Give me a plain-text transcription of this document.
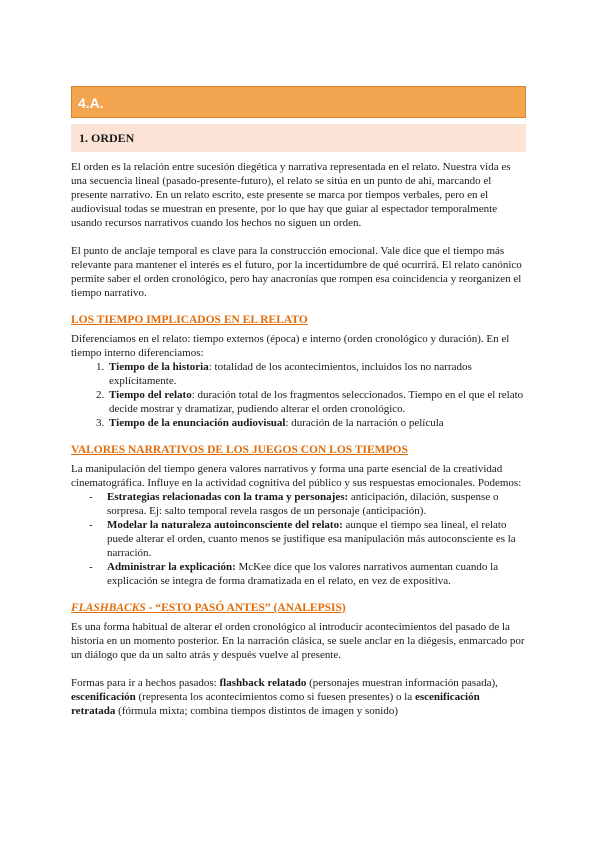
4.A.
1. ORDEN

El orden es la relación entre sucesión diegética y narrativa representada en el relato. Nuestra vida es una secuencia lineal (pasado-presente-futuro), el relato se sitúa en un punto de ahí, marcando el presente narrativo. En un relato escrito, este presente se marca por tiempos verbales, pero en el audiovisual todas se muestran en presente, por lo que hay que guiar al espectador temporalmente usando recursos narrativos cuando los hechos no siguen un orden.

El punto de anclaje temporal es clave para la construcción emocional. Vale dice que el tiempo más relevante para mantener el interés es el futuro, por la incertidumbre de qué ocurrirá. El relato canónico permite saber el orden cronológico, pero hay anacronías que rompen esa coincidencia y reorganizen el tiempo narrativo.

LOS TIEMPO IMPLICADOS EN EL RELATO

Diferenciamos en el relato: tiempo externos (época) e interno (orden cronológico y duración). En el tiempo interno diferenciamos:

1. Tiempo de la historia: totalidad de los acontecimientos, incluidos los no narrados explícitamente.
2. Tiempo del relato: duración total de los fragmentos seleccionados. Tiempo en el que el relato decide mostrar y dramatizar, pudiendo alterar el orden cronológico.
3. Tiempo de la enunciación audiovisual: duración de la narración o película
VALORES NARRATIVOS DE LOS JUEGOS CON LOS TIEMPOS

La manipulación del tiempo genera valores narrativos y forma una parte esencial de la creatividad cinematográfica. Influye en la actividad cognitiva del público y sus respuestas emocionales. Podemos:

- Estrategias relacionadas con la trama y personajes: anticipación, dilación, suspense o sorpresa. Ej: salto temporal revela rasgos de un personaje (anticipación).
- Modelar la naturaleza autoinconsciente del relato: aunque el tiempo sea lineal, el relato puede alterar el orden, cuanto menos se justifique esa manipulación más autoconsciente es la narración.
- Administrar la explicación: McKee dice que los valores narrativos aumentan cuando la explicación se integra de forma dramatizada en el relato, en vez de expositiva.
FLASHBACKS - “ESTO PASÓ ANTES” (ANALEPSIS)

Es una forma habitual de alterar el orden cronológico al introducir acontecimientos del pasado de la historia en un momento posterior. En la narración clásica, se suele anclar en la diégesis, enmarcado por un diálogo que da un salto atrás y después vuelve al presente.

Formas para ir a hechos pasados: flashback relatado (personajes muestran información pasada), escenificación (representa los acontecimientos como si fuesen presentes) o la escenificación retratada (fórmula mixta; combina tiempos distintos de imagen y sonido)
